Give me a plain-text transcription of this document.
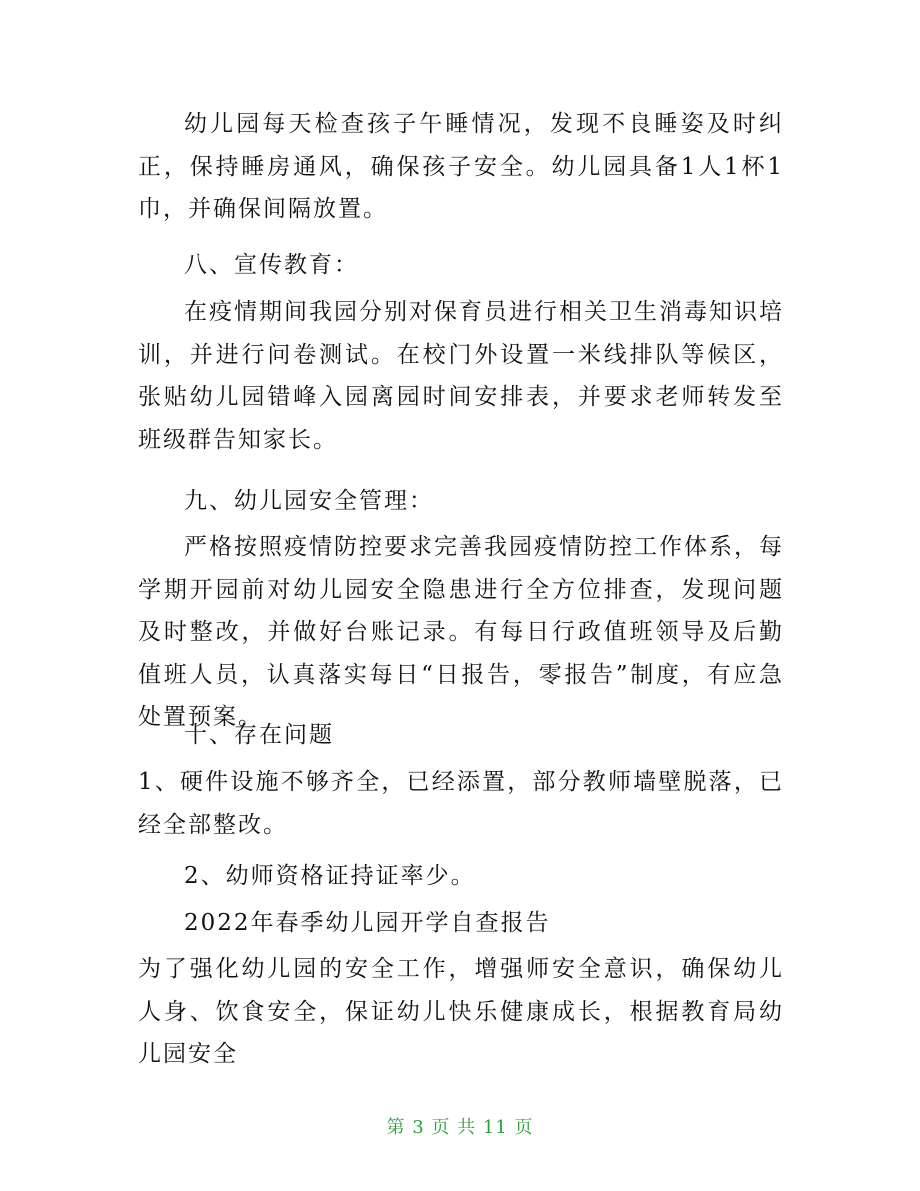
幼儿园每天检查孩子午睡情况，发现不良睡姿及时纠正，保持睡房通风，确保孩子安全。幼儿园具备1人1杯1巾，并确保间隔放置。

八、宣传教育：

在疫情期间我园分别对保育员进行相关卫生消毒知识培训，并进行问卷测试。在校门外设置一米线排队等候区，张贴幼儿园错峰入园离园时间安排表，并要求老师转发至班级群告知家长。

九、幼儿园安全管理：

严格按照疫情防控要求完善我园疫情防控工作体系，每学期开园前对幼儿园安全隐患进行全方位排查，发现问题及时整改，并做好台账记录。有每日行政值班领导及后勤值班人员，认真落实每日“日报告，零报告”制度，有应急处置预案。

十、存在问题

1、硬件设施不够齐全，已经添置，部分教师墙壁脱落，已经全部整改。

2、幼师资格证持证率少。

2022年春季幼儿园开学自查报告

为了强化幼儿园的安全工作，增强师安全意识，确保幼儿人身、饮食安全，保证幼儿快乐健康成长，根据教育局幼儿园安全

第 3 页 共 11 页
